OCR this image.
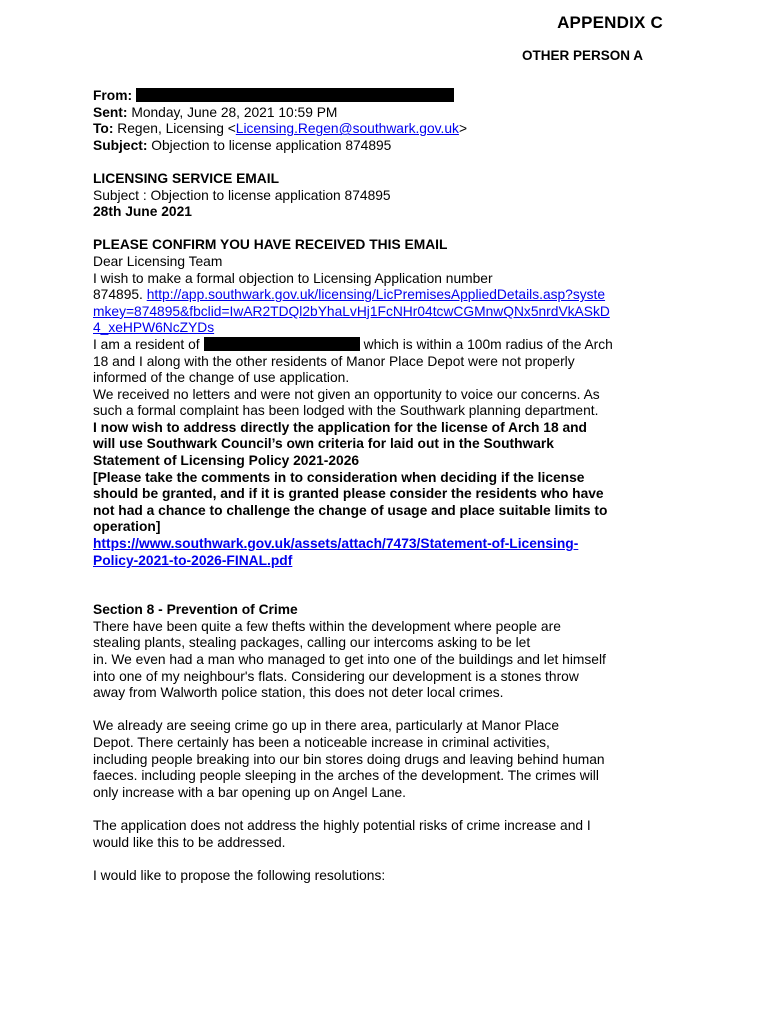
APPENDIX C
OTHER PERSON A
From:
Sent: Monday, June 28, 2021 10:59 PM
To: Regen, Licensing <Licensing.Regen@southwark.gov.uk>
Subject: Objection to license application 874895
LICENSING SERVICE EMAIL
Subject : Objection to license application 874895
28th June 2021
PLEASE CONFIRM YOU HAVE RECEIVED THIS EMAIL
Dear Licensing Team
I wish to make a formal objection to Licensing Application number
874895. http://app.southwark.gov.uk/licensing/LicPremisesAppliedDetails.asp?syste
mkey=874895&fbclid=IwAR2TDQl2bYhaLvHj1FcNHr04tcwCGMnwQNx5nrdVkASkD
4_xeHPW6NcZYDs
I am a resident of	which is within a 100m radius of the Arch
18 and I along with the other residents of Manor Place Depot were not properly
informed of the change of use application.
We received no letters and were not given an opportunity to voice our concerns. As
such a formal complaint has been lodged with the Southwark planning department.
I now wish to address directly the application for the license of Arch 18 and
will use Southwark Council’s own criteria for laid out in the Southwark
Statement of Licensing Policy 2021-2026
[Please take the comments in to consideration when deciding if the license
should be granted, and if it is granted please consider the residents who have
not had a chance to challenge the change of usage and place suitable limits to
operation]
https://www.southwark.gov.uk/assets/attach/7473/Statement-of-Licensing-
Policy-2021-to-2026-FINAL.pdf
Section 8 - Prevention of Crime
There have been quite a few thefts within the development where people are
stealing plants, stealing packages, calling our intercoms asking to be let
in. We even had a man who managed to get into one of the buildings and let himself
into one of my neighbour's flats. Considering our development is a stones throw
away from Walworth police station, this does not deter local crimes.
We already are seeing crime go up in there area, particularly at Manor Place
Depot. There certainly has been a noticeable increase in criminal activities,
including people breaking into our bin stores doing drugs and leaving behind human
faeces. including people sleeping in the arches of the development. The crimes will
only increase with a bar opening up on Angel Lane.
The application does not address the highly potential risks of crime increase and I
would like this to be addressed.
I would like to propose the following resolutions:
